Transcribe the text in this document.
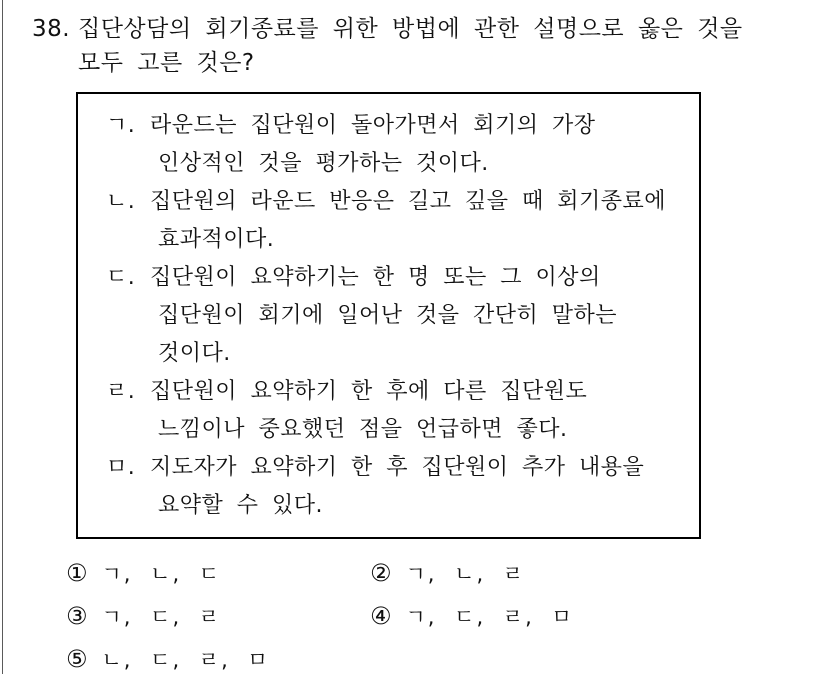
38. 집단상담의 회기종료를 위한 방법에 관한 설명으로 옳은 것을 모두 고른 것은?
ㄱ. 라운드는 집단원이 돌아가면서 회기의 가장 인상적인 것을 평가하는 것이다.
ㄴ. 집단원의 라운드 반응은 길고 깊을 때 회기종료에 효과적이다.
ㄷ. 집단원이 요약하기는 한 명 또는 그 이상의 집단원이 회기에 일어난 것을 간단히 말하는 것이다.
ㄹ. 집단원이 요약하기 한 후에 다른 집단원도 느낌이나 중요했던 점을 언급하면 좋다.
ㅁ. 지도자가 요약하기 한 후 집단원이 추가 내용을 요약할 수 있다.
① ㄱ, ㄴ, ㄷ	② ㄱ, ㄴ, ㄹ
③ ㄱ, ㄷ, ㄹ	④ ㄱ, ㄷ, ㄹ, ㅁ
⑤ ㄴ, ㄷ, ㄹ, ㅁ
